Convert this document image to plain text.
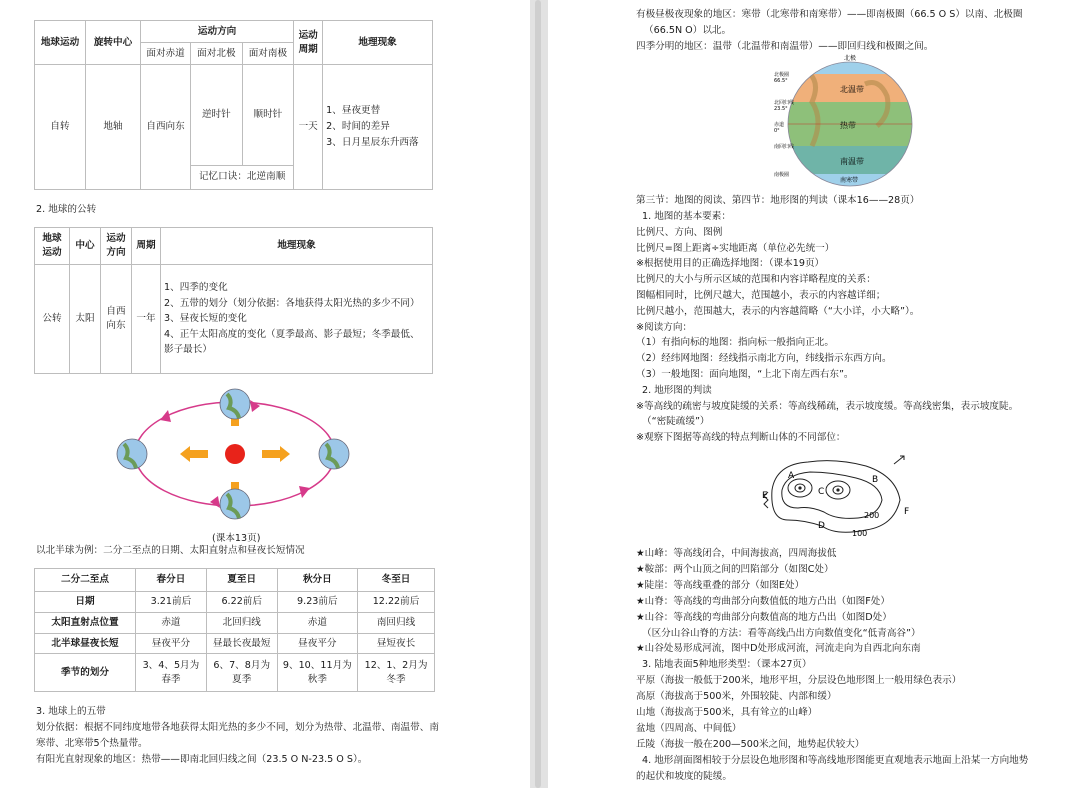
地球运动	旋转中心	运动方向			运动周期	地理现象
		面对赤道	面对北极	面对南极		
自转	地轴	自西向东	逆时针	顺时针	一天	1、昼夜更替
2、时间的差异
3、日月星辰东升西落

			记忆口诀：北逆南顺			
2. 地球的公转
地球运动	中心	运动方向	周期	地理现象
公转	太阳	自西向东	一年	1、四季的变化
2、五带的划分（划分依据：各地获得太阳光热的多少不同）
3、昼夜长短的变化
4、正午太阳高度的变化（夏季最高、影子最短；冬季最低、
影子最长）
(课本13页)
以北半球为例：二分二至点的日期、太阳直射点和昼夜长短情况
二分二至点	春分日	夏至日	秋分日	冬至日
日期	3.21前后	6.22前后	9.23前后	12.22前后
太阳直射点位置	赤道	北回归线	赤道	南回归线
北半球昼夜长短	昼夜平分	昼最长夜最短	昼夜平分	昼短夜长
季节的划分	3、4、5月为春季	6、7、8月为夏季	9、10、11月为秋季	12、1、2月为冬季
3. 地球上的五带
划分依据：根据不同纬度地带各地获得太阳光热的多少不同，划分为热带、北温带、南温带、南
寒带、北寒带5个热量带。
有阳光直射现象的地区：热带——即南北回归线之间（23.5 O N-23.5 O S）。
有极昼极夜现象的地区：寒带（北寒带和南寒带）——即南极圈（66.5 O S）以南、北极圈
（66.5N O）以北。
四季分明的地区：温带（北温带和南温带）——即回归线和极圈之间。
北极
北极圈
北回归线
北温带
热带
赤道
南回归线
南温带
南极圈
南寒带
66.5°
23.5°
0°
第三节：地图的阅读、第四节：地形图的判读（课本16——28页）
1. 地图的基本要素：
比例尺、方向、图例
比例尺=图上距离÷实地距离（单位必先统一）
※根据使用目的正确选择地图：（课本19页）
比例尺的大小与所示区域的范围和内容详略程度的关系：
图幅相同时，比例尺越大，范围越小，表示的内容越详细；
比例尺越小，范围越大，表示的内容越简略（“大小详，小大略”）。
※阅读方向：
（1）有指向标的地图：指向标一般指向正北。
（2）经纬网地图：经线指示南北方向，纬线指示东西方向。
（3）一般地图：面向地图，“上北下南左西右东”。
2. 地形图的判读
※等高线的疏密与坡度陡缓的关系：等高线稀疏，表示坡度缓。等高线密集，表示坡度陡。
（“密陡疏缓”）
※观察下图据等高线的特点判断山体的不同部位：
A	B
C
D
E
F
200
100
★山峰：等高线闭合，中间海拔高，四周海拔低
★鞍部：两个山顶之间的凹陷部分（如图C处）
★陡崖：等高线重叠的部分（如图E处）
★山脊：等高线的弯曲部分向数值低的地方凸出（如图F处）
★山谷：等高线的弯曲部分向数值高的地方凸出（如图D处）
（区分山谷山脊的方法：看等高线凸出方向数值变化“低青高谷”）
★山谷处易形成河流，图中D处形成河流，河流走向为自西北向东南
3. 陆地表面5种地形类型：（课本27页）
平原（海拔一般低于200米，地形平坦，分层设色地形图上一般用绿色表示）
高原（海拔高于500米，外围较陡、内部和缓）
山地（海拔高于500米，具有耸立的山峰）
盆地（四周高、中间低）
丘陵（海拔一般在200—500米之间，地势起伏较大）
4. 地形剖面图相较于分层设色地形图和等高线地形图能更直观地表示地面上沿某一方向地势
的起伏和坡度的陡缓。
